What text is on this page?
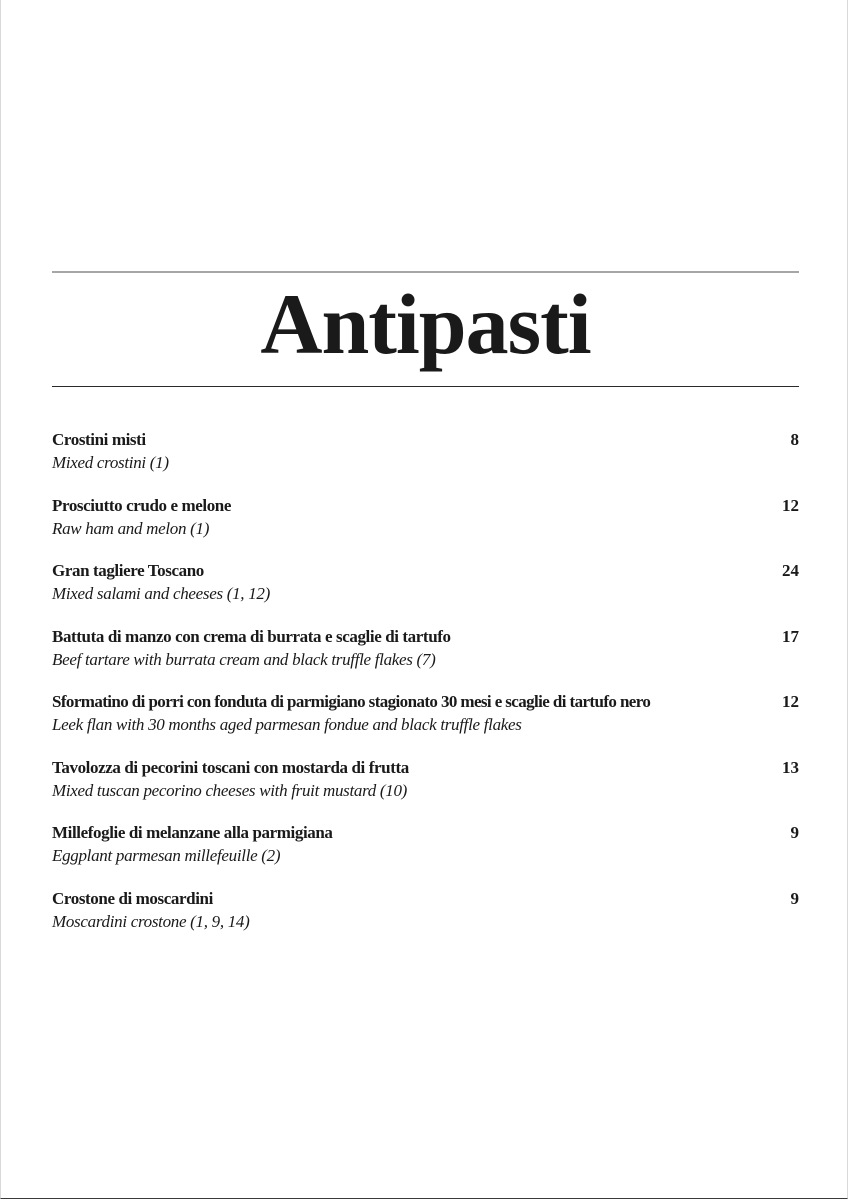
Antipasti
Crostini misti	8
Mixed crostini (1)
Prosciutto crudo e melone	12
Raw ham and melon (1)
Gran tagliere Toscano	24
Mixed salami and cheeses (1, 12)
Battuta di manzo con crema di burrata e scaglie di tartufo	17
Beef tartare with burrata cream and black truffle flakes (7)
Sformatino di porri con fonduta di parmigiano stagionato 30 mesi e scaglie di tartufo nero	12
Leek flan with 30 months aged parmesan fondue and black truffle flakes
Tavolozza di pecorini toscani con mostarda di frutta	13
Mixed tuscan pecorino cheeses with fruit mustard (10)
Millefoglie di melanzane alla parmigiana	9
Eggplant parmesan millefeuille (2)
Crostone di moscardini	9
Moscardini crostone (1, 9, 14)
